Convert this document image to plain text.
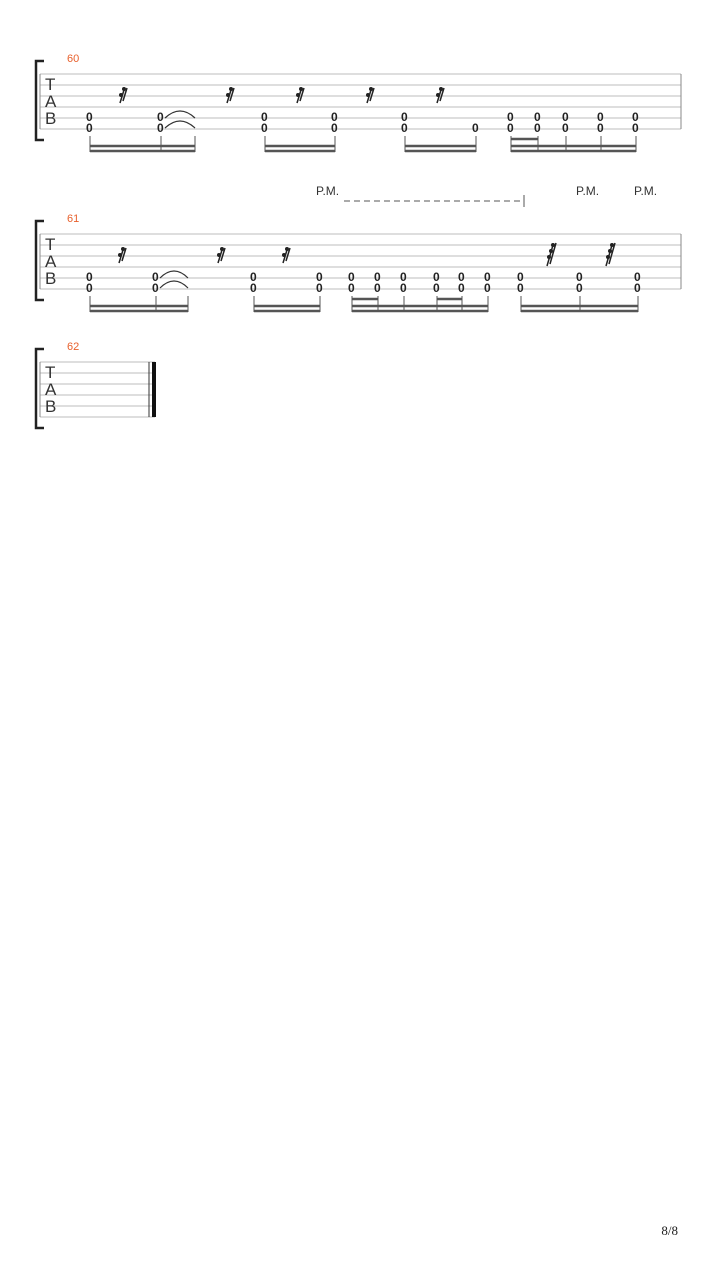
60
T
A
B 0
0
0
0
0
0
0
0
0
0	0
0
0
0
0
0
0
0
0
0
0
P.M.	P.M.	P.M.
61
T
A
B 0
0
0
0
0
0
0
0
0
0
0
0
0
0
0
0
0
0
0
0
0
0
0
0
0
0
62
T
A
B
8/8
